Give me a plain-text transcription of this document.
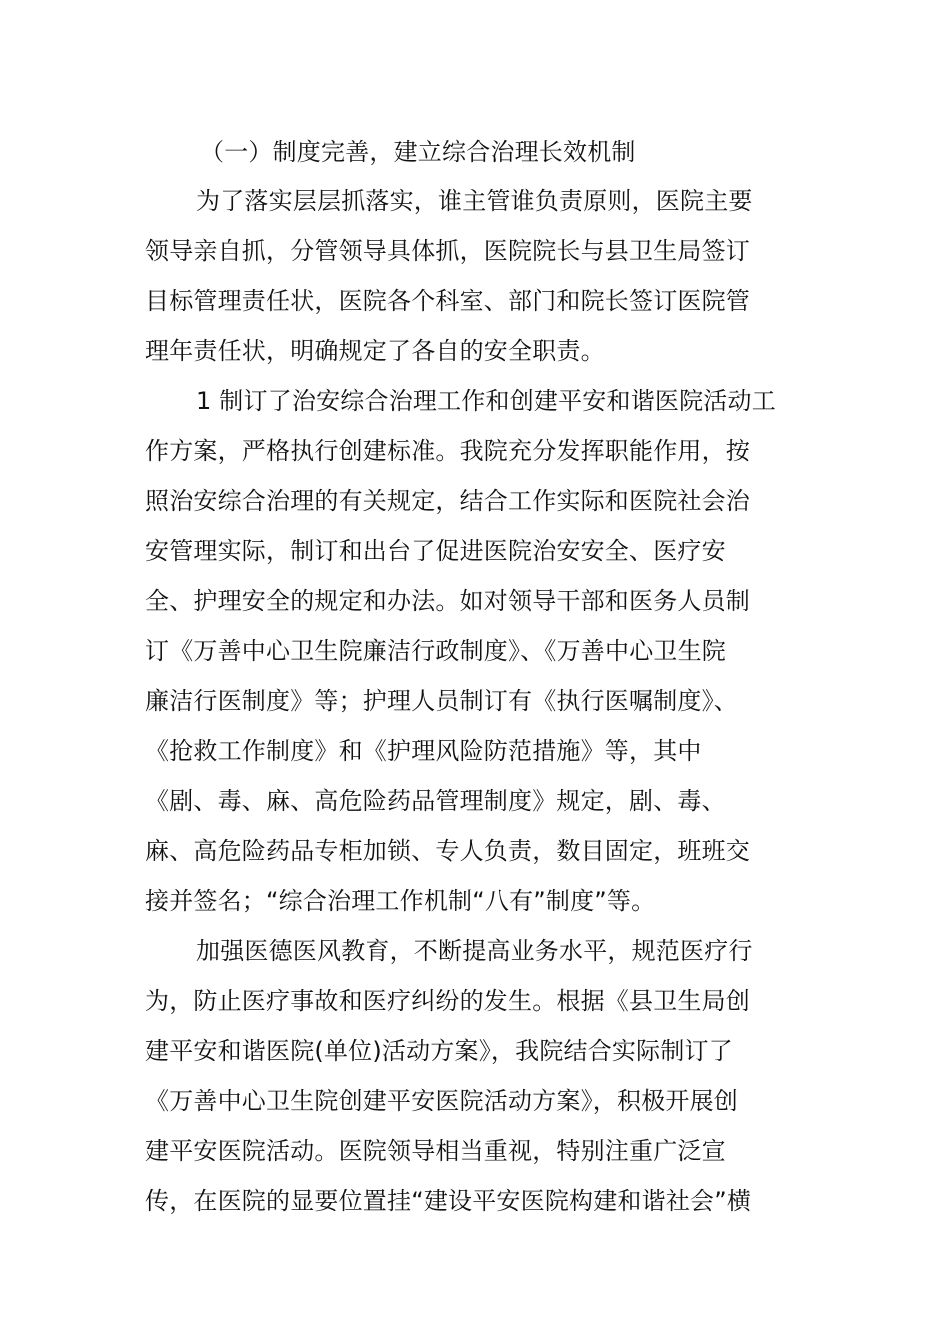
（一）制度完善，建立综合治理长效机制
为了落实层层抓落实，谁主管谁负责原则，医院主要
领导亲自抓，分管领导具体抓，医院院长与县卫生局签订
目标管理责任状，医院各个科室、部门和院长签订医院管
理年责任状，明确规定了各自的安全职责。
1 制订了治安综合治理工作和创建平安和谐医院活动工
作方案，严格执行创建标准。我院充分发挥职能作用，按
照治安综合治理的有关规定，结合工作实际和医院社会治
安管理实际，制订和出台了促进医院治安安全、医疗安
全、护理安全的规定和办法。如对领导干部和医务人员制
订《万善中心卫生院廉洁行政制度》、《万善中心卫生院
廉洁行医制度》等；护理人员制订有《执行医嘱制度》、
《抢救工作制度》和《护理风险防范措施》等，其中
《剧、毒、麻、高危险药品管理制度》规定，剧、毒、
麻、高危险药品专柜加锁、专人负责，数目固定，班班交
接并签名；“综合治理工作机制“八有”制度”等。
加强医德医风教育，不断提高业务水平，规范医疗行
为，防止医疗事故和医疗纠纷的发生。根据《县卫生局创
建平安和谐医院(单位)活动方案》，我院结合实际制订了
《万善中心卫生院创建平安医院活动方案》，积极开展创
建平安医院活动。医院领导相当重视，特别注重广泛宣
传，在医院的显要位置挂“建设平安医院构建和谐社会”横
